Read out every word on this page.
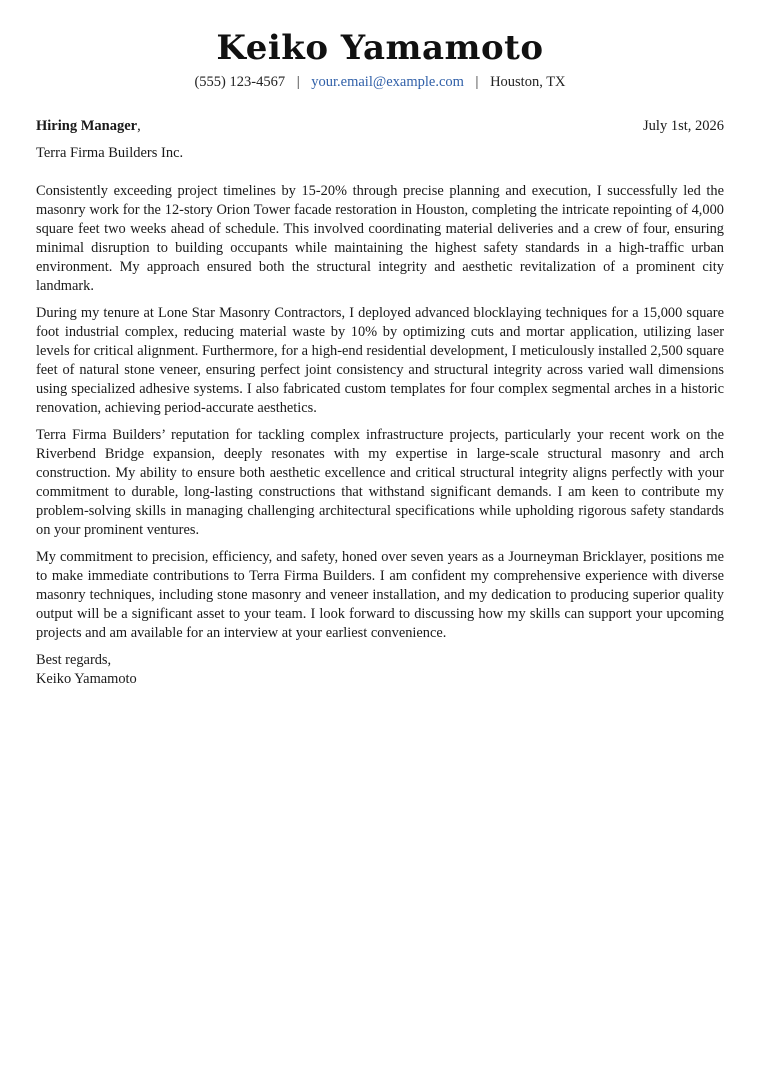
Keiko Yamamoto
(555) 123-4567 | your.email@example.com | Houston, TX
Hiring Manager,	July 1st, 2026
Terra Firma Builders Inc.

Consistently exceeding project timelines by 15-20% through precise planning and execution, I successfully led the masonry work for the 12-story Orion Tower facade restoration in Houston, completing the intricate repointing of 4,000 square feet two weeks ahead of schedule. This involved coordinating material deliveries and a crew of four, ensuring minimal disruption to building occupants while maintaining the highest safety standards in a high-traffic urban environment. My approach ensured both the structural integrity and aesthetic revitalization of a prominent city landmark.

During my tenure at Lone Star Masonry Contractors, I deployed advanced blocklaying techniques for a 15,000 square foot industrial complex, reducing material waste by 10% by optimizing cuts and mortar application, utilizing laser levels for critical alignment. Furthermore, for a high-end residential development, I meticulously installed 2,500 square feet of natural stone veneer, ensuring perfect joint consistency and structural integrity across varied wall dimensions using specialized adhesive systems. I also fabricated custom templates for four complex segmental arches in a historic renovation, achieving period-accurate aesthetics.

Terra Firma Builders’ reputation for tackling complex infrastructure projects, particularly your recent work on the Riverbend Bridge expansion, deeply resonates with my expertise in large-scale structural masonry and arch construction. My ability to ensure both aesthetic excellence and critical structural integrity aligns perfectly with your commitment to durable, long-lasting constructions that withstand significant demands. I am keen to contribute my problem-solving skills in managing challenging architectural specifications while upholding rigorous safety standards on your prominent ventures.

My commitment to precision, efficiency, and safety, honed over seven years as a Journeyman Bricklayer, positions me to make immediate contributions to Terra Firma Builders. I am confident my comprehensive experience with diverse masonry techniques, including stone masonry and veneer installation, and my dedication to producing superior quality output will be a significant asset to your team. I look forward to discussing how my skills can support your upcoming projects and am available for an interview at your earliest convenience.

Best regards,
Keiko Yamamoto
